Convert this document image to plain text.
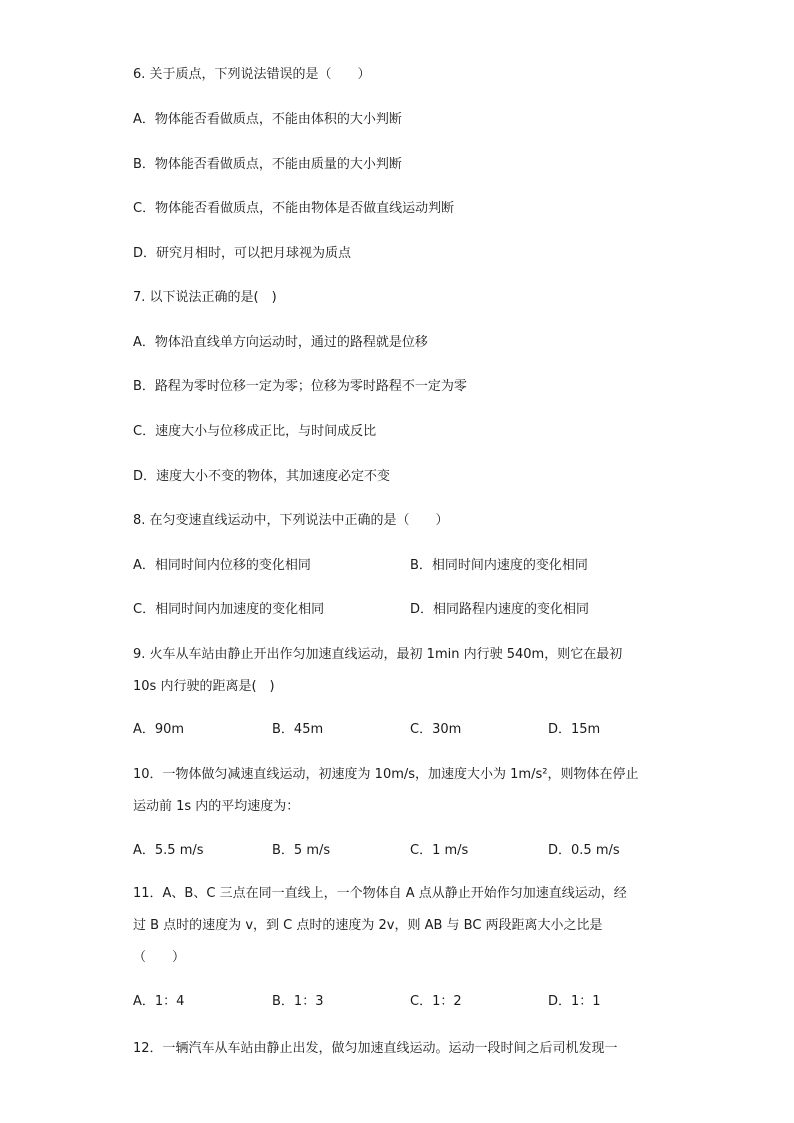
6. 关于质点，下列说法错误的是（　　）
A．物体能否看做质点，不能由体积的大小判断
B．物体能否看做质点，不能由质量的大小判断
C．物体能否看做质点，不能由物体是否做直线运动判断
D．研究月相时，可以把月球视为质点
7. 以下说法正确的是(　)
A．物体沿直线单方向运动时，通过的路程就是位移
B．路程为零时位移一定为零；位移为零时路程不一定为零
C．速度大小与位移成正比，与时间成反比
D．速度大小不变的物体，其加速度必定不变
8. 在匀变速直线运动中，下列说法中正确的是（　　）
A．相同时间内位移的变化相同	B．相同时间内速度的变化相同
C．相同时间内加速度的变化相同	D．相同路程内速度的变化相同
9. 火车从车站由静止开出作匀加速直线运动，最初 1min 内行驶 540m，则它在最初
10s 内行驶的距离是(　)
A．90m	B．45m	C．30m	D．15m
10．一物体做匀减速直线运动，初速度为 10m/s，加速度大小为 1m/s²，则物体在停止
运动前 1s 内的平均速度为：
A．5.5 m/s	B．5 m/s	C．1 m/s	D．0.5 m/s
11．A、B、C 三点在同一直线上，一个物体自 A 点从静止开始作匀加速直线运动，经
过 B 点时的速度为 v，到 C 点时的速度为 2v，则 AB 与 BC 两段距离大小之比是
（　　）
A．1：4	B．1：3	C．1：2	D．1：1
12．一辆汽车从车站由静止出发，做匀加速直线运动。运动一段时间之后司机发现一
